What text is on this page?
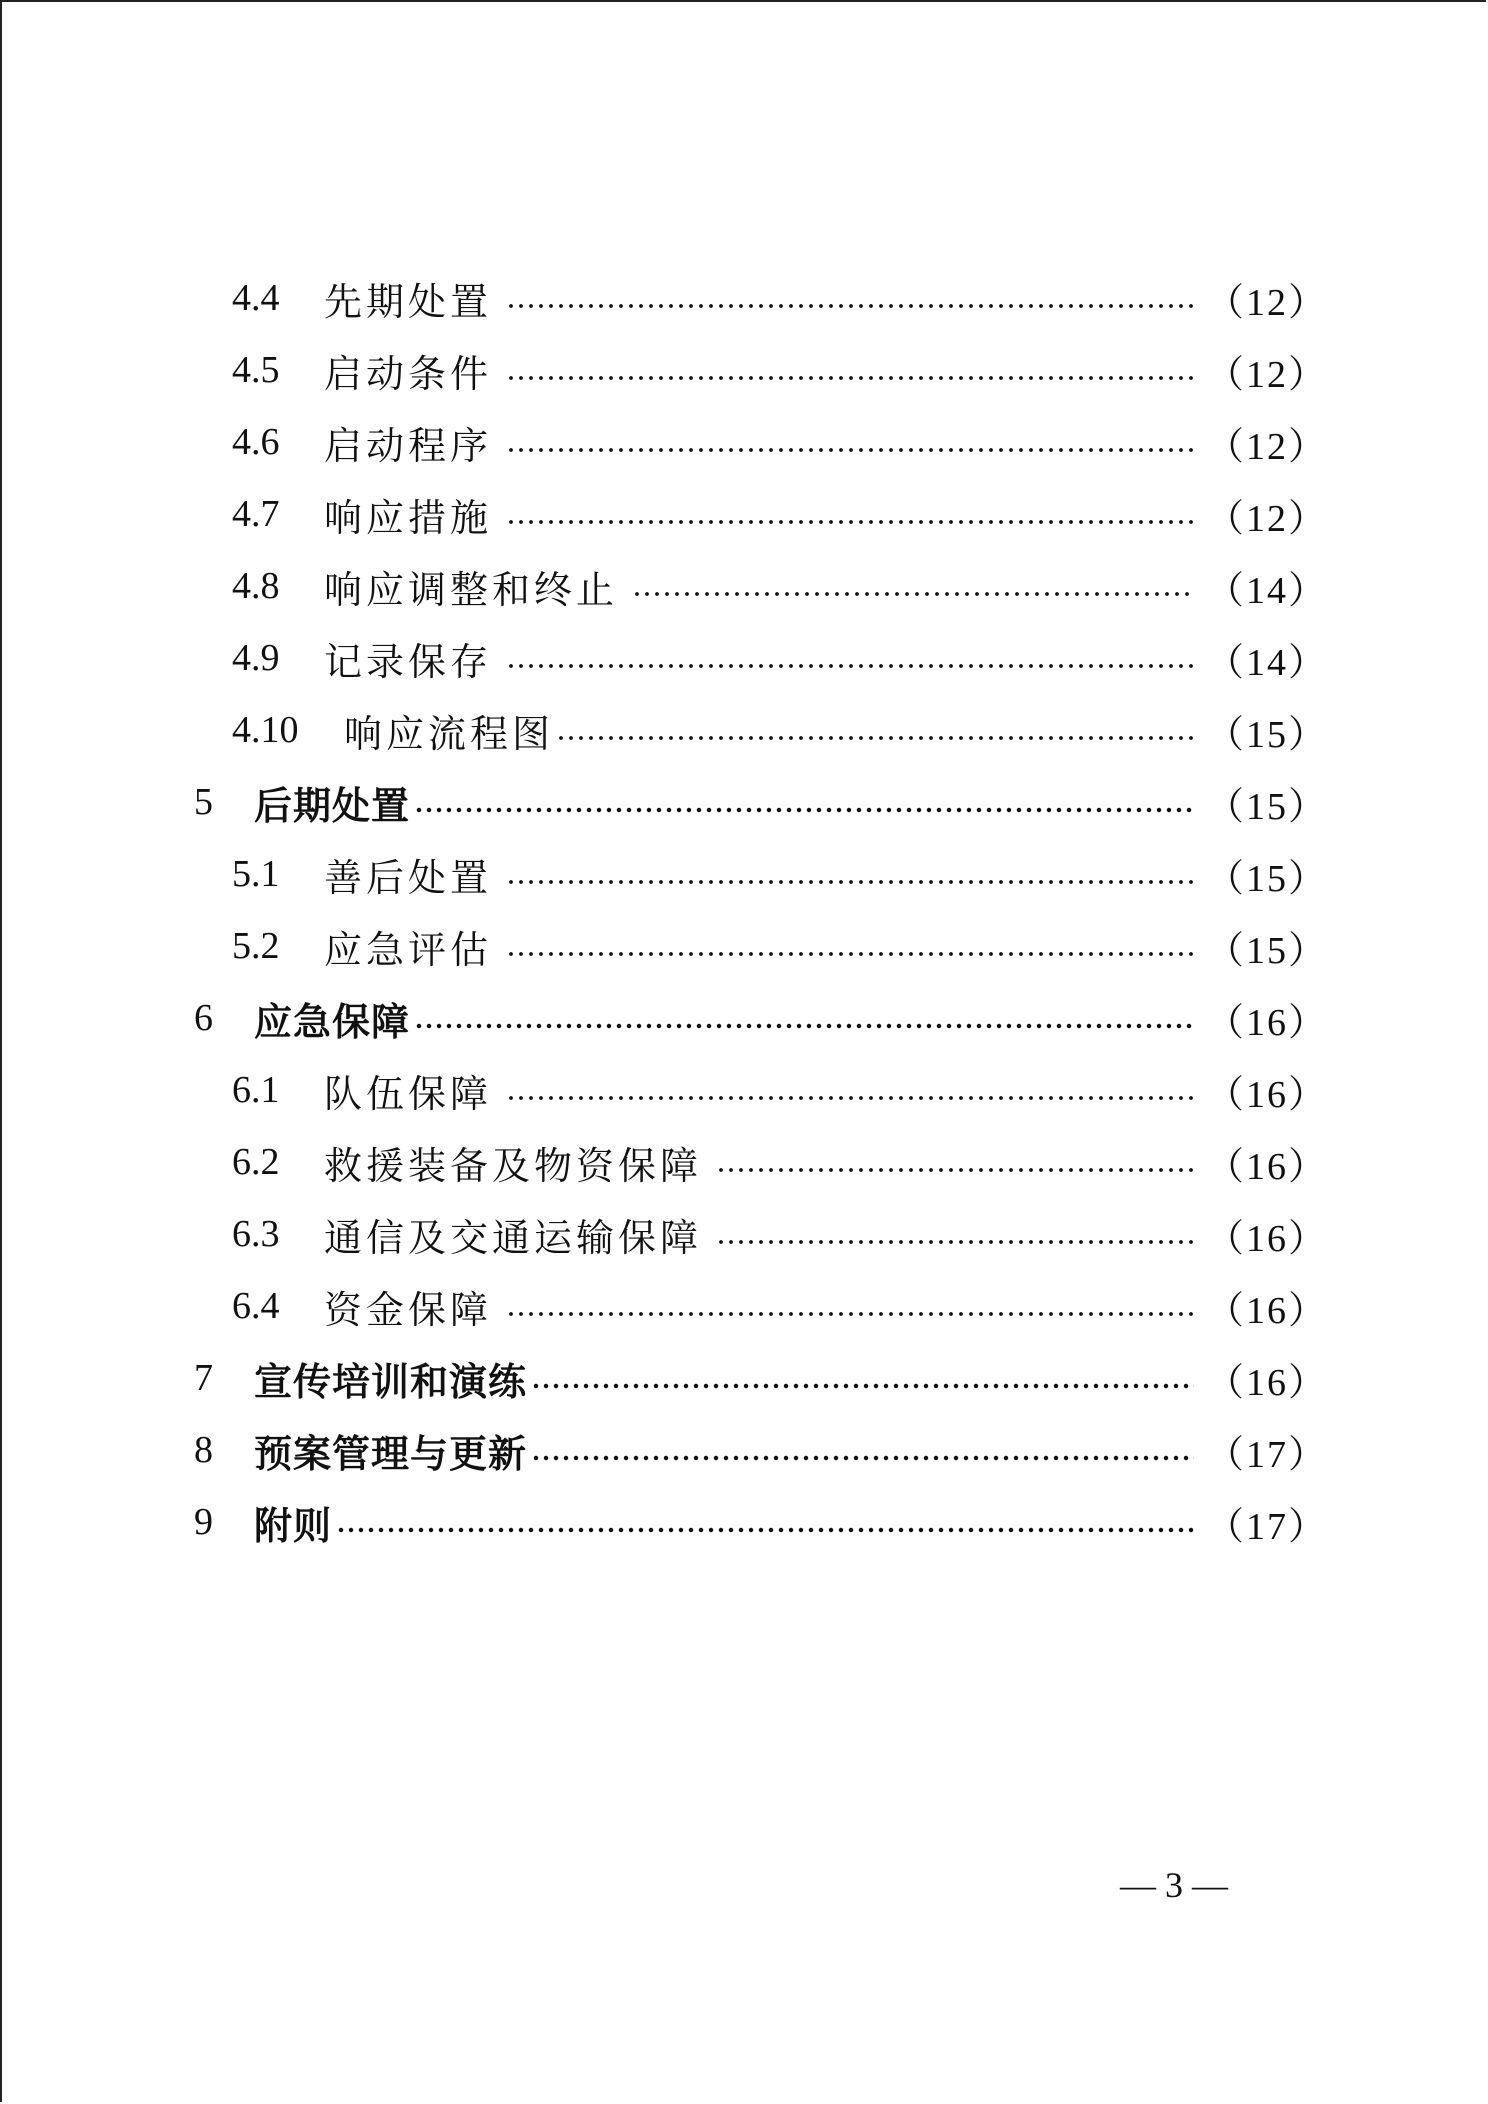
4.4	先期处置	（12）
4.5	启动条件	（12）
4.6	启动程序	（12）
4.7	响应措施	（12）
4.8	响应调整和终止	（14）
4.9	记录保存	（14）
4.10	响应流程图	（15）
5	后期处置	（15）
5.1	善后处置	（15）
5.2	应急评估	（15）
6	应急保障	（16）
6.1	队伍保障	（16）
6.2	救援装备及物资保障	（16）
6.3	通信及交通运输保障	（16）
6.4	资金保障	（16）
7	宣传培训和演练	（16）
8	预案管理与更新	（17）
9	附则	（17）
— 3 —
